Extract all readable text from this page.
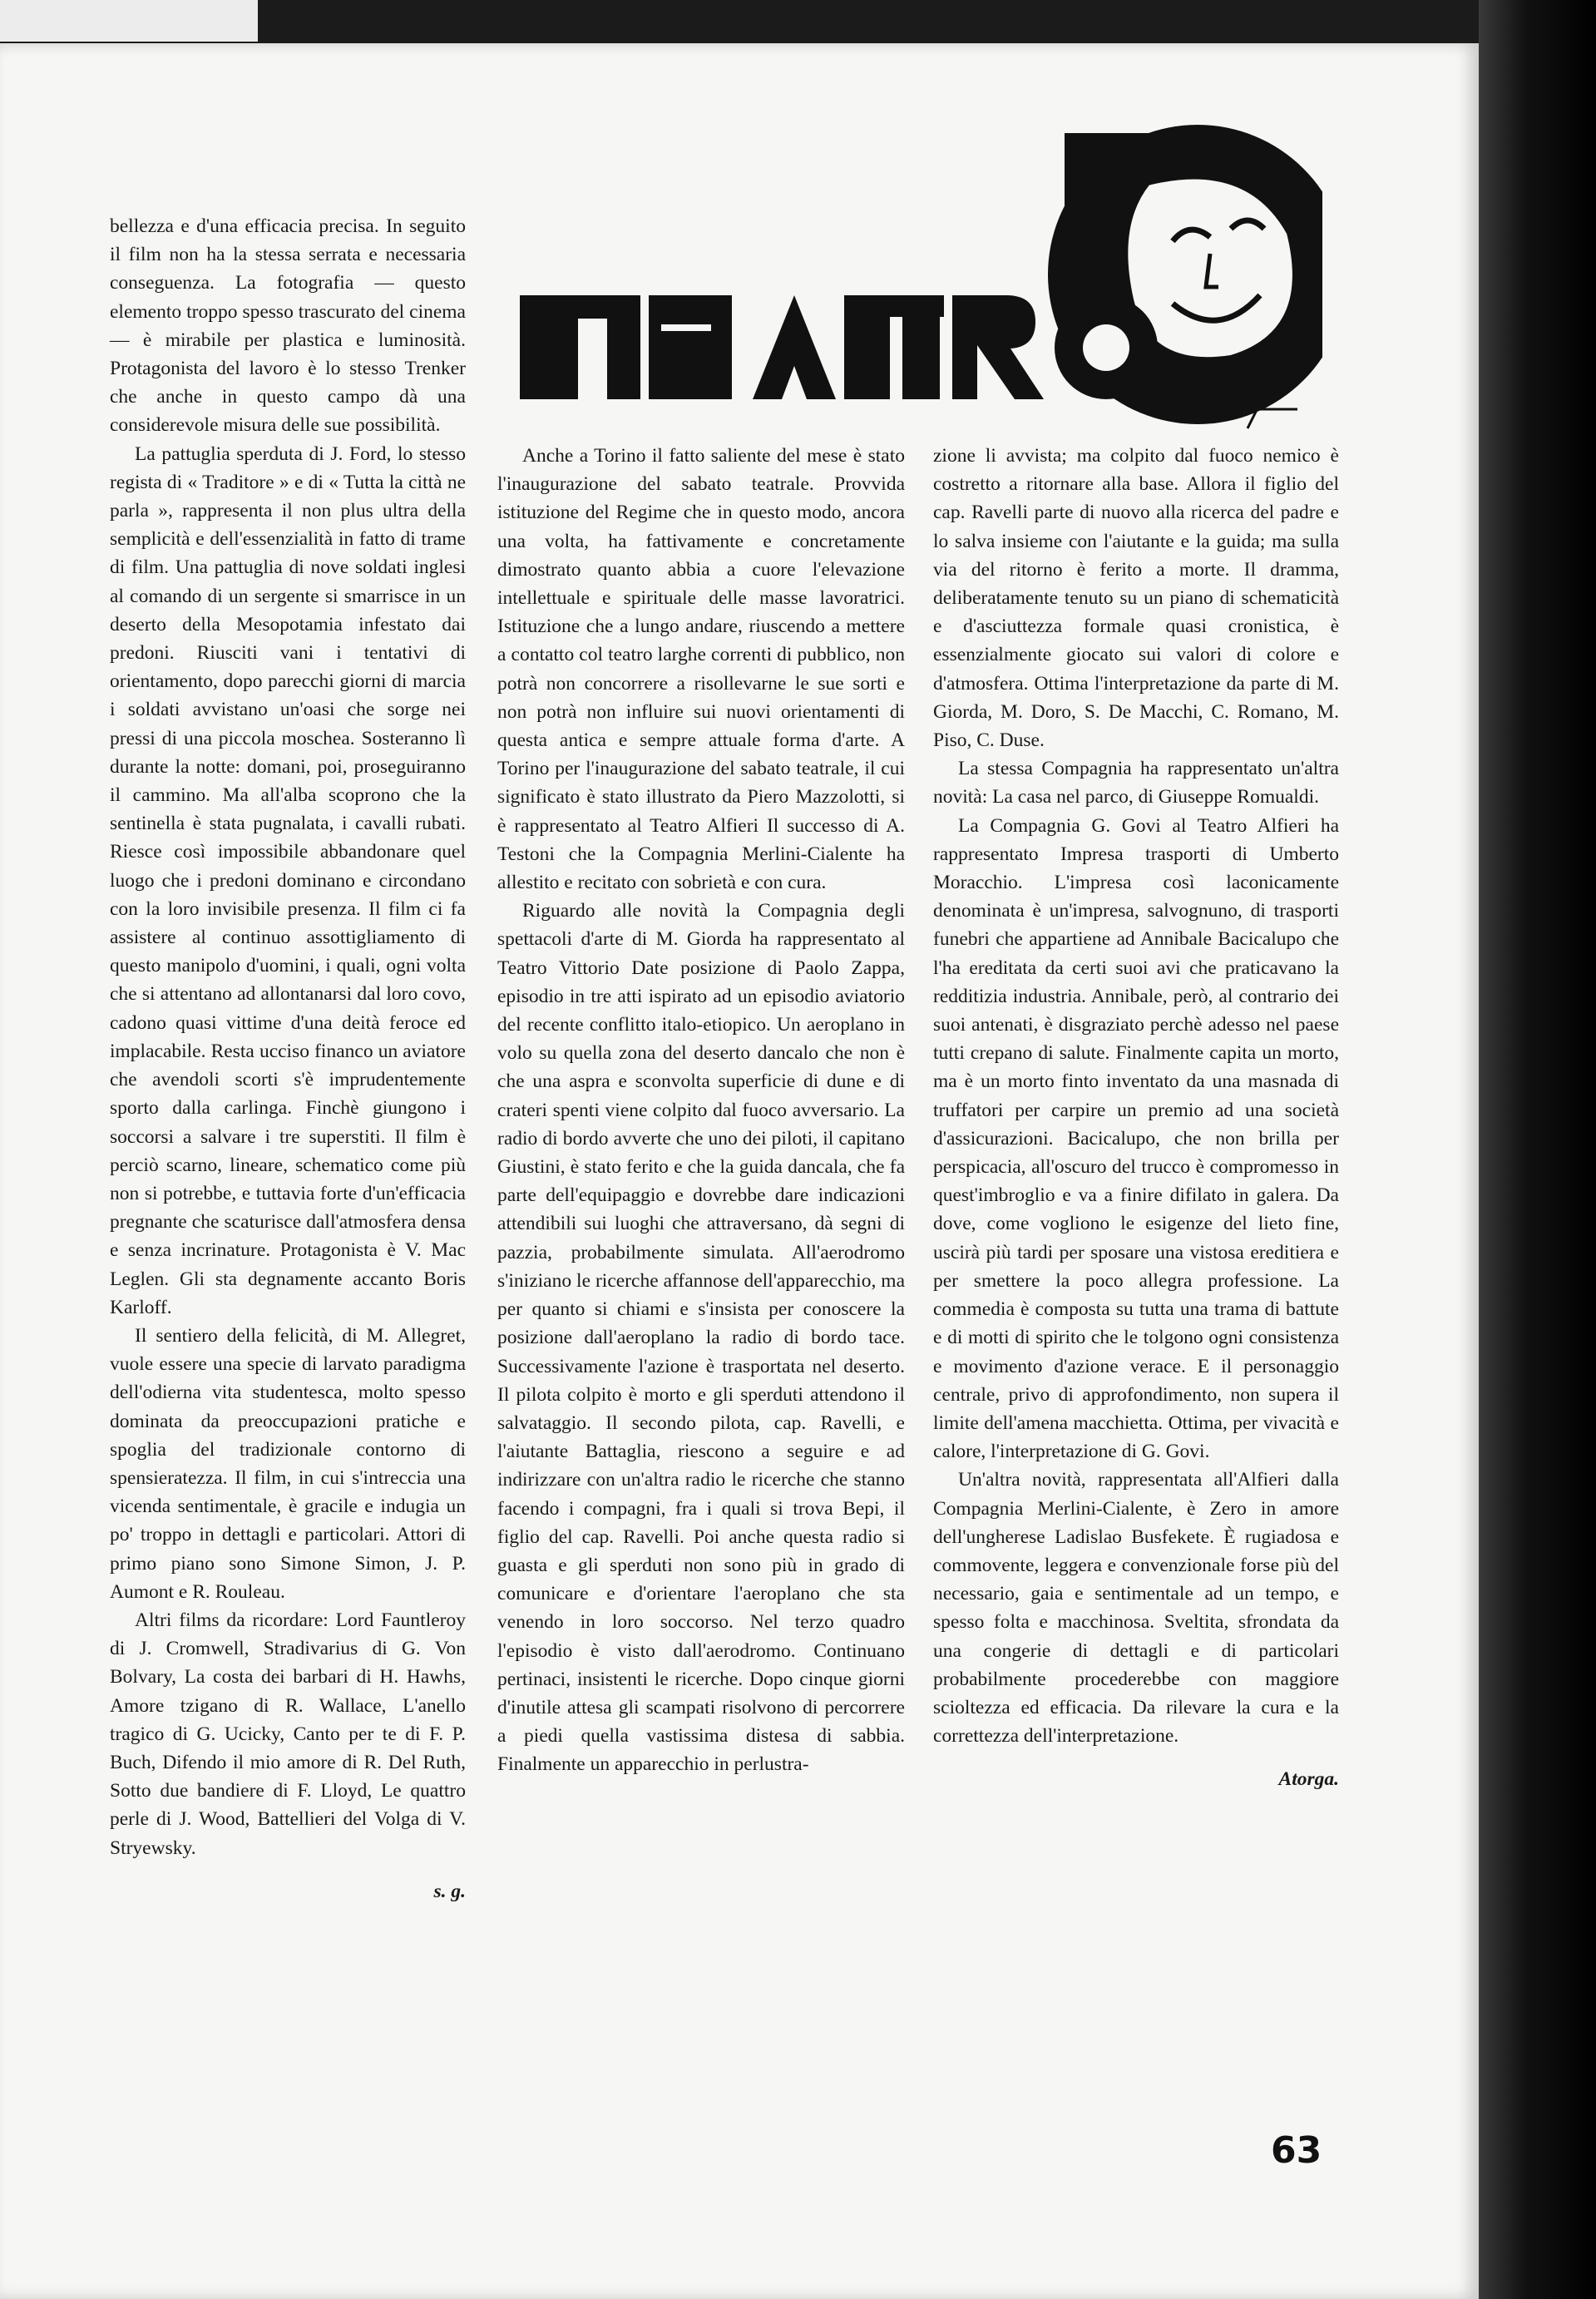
bellezza e d'una efficacia precisa. In seguito il film non ha la stessa serrata e necessaria conseguenza. La fotografia — questo elemento troppo spesso trascurato del cinema — è mirabile per plastica e luminosità. Protagonista del lavoro è lo stesso Trenker che anche in questo campo dà una considerevole misura delle sue possibilità.

La pattuglia sperduta di J. Ford, lo stesso regista di « Traditore » e di « Tutta la città ne parla », rappresenta il non plus ultra della semplicità e dell'essenzialità in fatto di trame di film. Una pattuglia di nove soldati inglesi al comando di un sergente si smarrisce in un deserto della Mesopotamia infestato dai predoni. Riusciti vani i tentativi di orientamento, dopo parecchi giorni di marcia i soldati avvistano un'oasi che sorge nei pressi di una piccola moschea. Sosteranno lì durante la notte: domani, poi, proseguiranno il cammino. Ma all'alba scoprono che la sentinella è stata pugnalata, i cavalli rubati. Riesce così impossibile abbandonare quel luogo che i predoni dominano e circondano con la loro invisibile presenza. Il film ci fa assistere al continuo assottigliamento di questo manipolo d'uomini, i quali, ogni volta che si attentano ad allontanarsi dal loro covo, cadono quasi vittime d'una deità feroce ed implacabile. Resta ucciso financo un aviatore che avendoli scorti s'è imprudentemente sporto dalla carlinga. Finchè giungono i soccorsi a salvare i tre superstiti. Il film è perciò scarno, lineare, schematico come più non si potrebbe, e tuttavia forte d'un'efficacia pregnante che scaturisce dall'atmosfera densa e senza incrinature. Protagonista è V. Mac Leglen. Gli sta degnamente accanto Boris Karloff.

Il sentiero della felicità, di M. Allegret, vuole essere una specie di larvato paradigma dell'odierna vita studentesca, molto spesso dominata da preoccupazioni pratiche e spoglia del tradizionale contorno di spensieratezza. Il film, in cui s'intreccia una vicenda sentimentale, è gracile e indugia un po' troppo in dettagli e particolari. Attori di primo piano sono Simone Simon, J. P. Aumont e R. Rouleau.

Altri films da ricordare: Lord Fauntleroy di J. Cromwell, Stradivarius di G. Von Bolvary, La costa dei barbari di H. Hawhs, Amore tzigano di R. Wallace, L'anello tragico di G. Ucicky, Canto per te di F. P. Buch, Difendo il mio amore di R. Del Ruth, Sotto due bandiere di F. Lloyd, Le quattro perle di J. Wood, Battellieri del Volga di V. Stryewsky.

s. g.

Anche a Torino il fatto saliente del mese è stato l'inaugurazione del sabato teatrale. Provvida istituzione del Regime che in questo modo, ancora una volta, ha fattivamente e concretamente dimostrato quanto abbia a cuore l'elevazione intellettuale e spirituale delle masse lavoratrici. Istituzione che a lungo andare, riuscendo a mettere a contatto col teatro larghe correnti di pubblico, non potrà non concorrere a risollevarne le sue sorti e non potrà non influire sui nuovi orientamenti di questa antica e sempre attuale forma d'arte. A Torino per l'inaugurazione del sabato teatrale, il cui significato è stato illustrato da Piero Mazzolotti, si è rappresentato al Teatro Alfieri Il successo di A. Testoni che la Compagnia Merlini-Cialente ha allestito e recitato con sobrietà e con cura.

Riguardo alle novità la Compagnia degli spettacoli d'arte di M. Giorda ha rappresentato al Teatro Vittorio Date posizione di Paolo Zappa, episodio in tre atti ispirato ad un episodio aviatorio del recente conflitto italo-etiopico. Un aeroplano in volo su quella zona del deserto dancalo che non è che una aspra e sconvolta superficie di dune e di crateri spenti viene colpito dal fuoco avversario. La radio di bordo avverte che uno dei piloti, il capitano Giustini, è stato ferito e che la guida dancala, che fa parte dell'equipaggio e dovrebbe dare indicazioni attendibili sui luoghi che attraversano, dà segni di pazzia, probabilmente simulata. All'aerodromo s'iniziano le ricerche affannose dell'apparecchio, ma per quanto si chiami e s'insista per conoscere la posizione dall'aeroplano la radio di bordo tace. Successivamente l'azione è trasportata nel deserto. Il pilota colpito è morto e gli sperduti attendono il salvataggio. Il secondo pilota, cap. Ravelli, e l'aiutante Battaglia, riescono a seguire e ad indirizzare con un'altra radio le ricerche che stanno facendo i compagni, fra i quali si trova Bepi, il figlio del cap. Ravelli. Poi anche questa radio si guasta e gli sperduti non sono più in grado di comunicare e d'orientare l'aeroplano che sta venendo in loro soccorso. Nel terzo quadro l'episodio è visto dall'aerodromo. Continuano pertinaci, insistenti le ricerche. Dopo cinque giorni d'inutile attesa gli scampati risolvono di percorrere a piedi quella vastissima distesa di sabbia. Finalmente un apparecchio in perlustra-

zione li avvista; ma colpito dal fuoco nemico è costretto a ritornare alla base. Allora il figlio del cap. Ravelli parte di nuovo alla ricerca del padre e lo salva insieme con l'aiutante e la guida; ma sulla via del ritorno è ferito a morte. Il dramma, deliberatamente tenuto su un piano di schematicità e d'asciuttezza formale quasi cronistica, è essenzialmente giocato sui valori di colore e d'atmosfera. Ottima l'interpretazione da parte di M. Giorda, M. Doro, S. De Macchi, C. Romano, M. Piso, C. Duse.

La stessa Compagnia ha rappresentato un'altra novità: La casa nel parco, di Giuseppe Romualdi.

La Compagnia G. Govi al Teatro Alfieri ha rappresentato Impresa trasporti di Umberto Moracchio. L'impresa così laconicamente denominata è un'impresa, salvognuno, di trasporti funebri che appartiene ad Annibale Bacicalupo che l'ha ereditata da certi suoi avi che praticavano la redditizia industria. Annibale, però, al contrario dei suoi antenati, è disgraziato perchè adesso nel paese tutti crepano di salute. Finalmente capita un morto, ma è un morto finto inventato da una masnada di truffatori per carpire un premio ad una società d'assicurazioni. Bacicalupo, che non brilla per perspicacia, all'oscuro del trucco è compromesso in quest'imbroglio e va a finire difilato in galera. Da dove, come vogliono le esigenze del lieto fine, uscirà più tardi per sposare una vistosa ereditiera e per smettere la poco allegra professione. La commedia è composta su tutta una trama di battute e di motti di spirito che le tolgono ogni consistenza e movimento d'azione verace. E il personaggio centrale, privo di approfondimento, non supera il limite dell'amena macchietta. Ottima, per vivacità e calore, l'interpretazione di G. Govi.

Un'altra novità, rappresentata all'Alfieri dalla Compagnia Merlini-Cialente, è Zero in amore dell'ungherese Ladislao Busfekete. È rugiadosa e commovente, leggera e convenzionale forse più del necessario, gaia e sentimentale ad un tempo, e spesso folta e macchinosa. Sveltita, sfrondata da una congerie di dettagli e di particolari probabilmente procederebbe con maggiore scioltezza ed efficacia. Da rilevare la cura e la correttezza dell'interpretazione.

Atorga.

63
